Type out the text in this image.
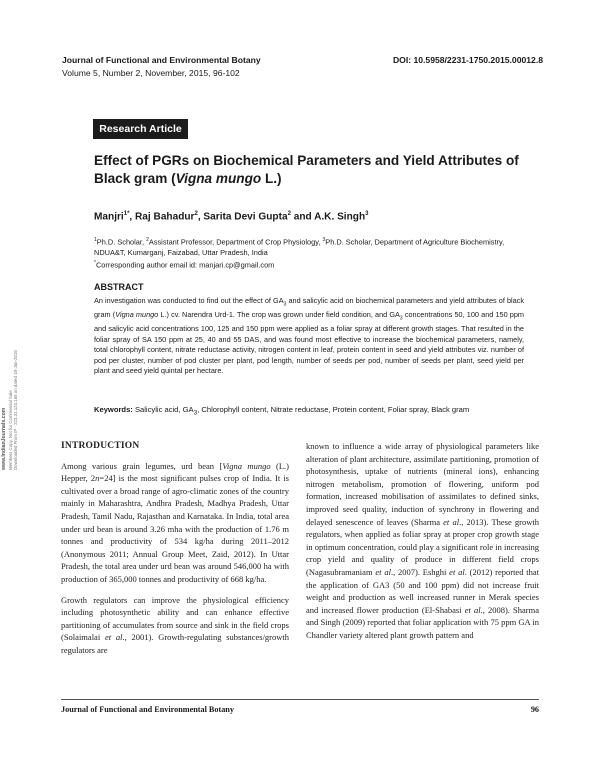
Journal of Functional and Environmental Botany	DOI: 10.5958/2231-1750.2015.00012.8
Volume 5, Number 2, November, 2015, 96-102
Research Article
Effect of PGRs on Biochemical Parameters and Yield Attributes of Black gram (Vigna mungo L.)
Manjri$^{1*}$, Raj Bahadur$^2$, Sarita Devi Gupta$^2$ and A.K. Singh$^3$

$^1$Ph.D. Scholar, $^2$Assistant Professor, Department of Crop Physiology, $^3$Ph.D. Scholar, Department of Agriculture Biochemistry, NDUA&T, Kumarganj, Faizabad, Uttar Pradesh, India

*Corresponding author email id: manjari.cp@gmail.com

ABSTRACT

An investigation was conducted to find out the effect of $GA_3$ and salicylic acid on biochemical parameters and yield attributes of black gram (Vigna mungo L.) cv. Narendra Urd-1. The crop was grown under field condition, and $GA_3$ concentrations 50, 100 and 150 ppm and salicylic acid concentrations 100, 125 and 150 ppm were applied as a foliar spray at different growth stages. That resulted in the foliar spray of SA 150 ppm at 25, 40 and 55 DAS, and was found most effective to increase the biochemical parameters, namely, total chlorophyll content, nitrate reductase activity, nitrogen content in leaf, protein content in seed and yield attributes viz. number of pod per cluster, number of pod cluster per plant, pod length, number of seeds per pod, number of seeds per plant, seed yield per plant and seed yield quintal per hectare.

Keywords: Salicylic acid, $GA_3$, Chlorophyll content, Nitrate reductase, Protein content, Foliar spray, Black gram

www.IndianJournals.com Members Copy, Not for Commercial Sale Downloaded From IP - 223.31.123.165 on dated 18-Jan-2016	INTRODUCTION

Among various grain legumes, urd bean [Vigna mungo (L.) Hepper, 2n=24] is the most significant pulses crop of India. It is cultivated over a broad range of agro-climatic zones of the country mainly in Maharashtra, Andhra Pradesh, Madhya Pradesh, Uttar Pradesh, Tamil Nadu, Rajasthan and Karnataka. In India, total area under urd bean is around 3.26 mha with the production of 1.76 m tonnes and productivity of 534 kg/ha during 2011–2012 (Anonymous 2011; Annual Group Meet, Zaid, 2012). In Uttar Pradesh, the total area under urd bean was around 546,000 ha with production of 365,000 tonnes and productivity of 668 kg/ha.

Growth regulators can improve the physiological efficiency including photosynthetic ability and can enhance effective partitioning of accumulates from source and sink in the field crops (Solaimalai et al., 2001). Growth-regulating substances/growth regulators are

known to influence a wide array of physiological parameters like alteration of plant architecture, assimilate partitioning, promotion of photosynthesis, uptake of nutrients (mineral ions), enhancing nitrogen metabolism, promotion of flowering, uniform pod formation, increased mobilisation of assimilates to defined sinks, improved seed quality, induction of synchrony in flowering and delayed senescence of leaves (Sharma et al., 2013). These growth regulators, when applied as foliar spray at proper crop growth stage in optimum concentration, could play a significant role in increasing crop yield and quality of produce in different field crops (Nagasubramaniam et al., 2007). Eshghi et al. (2012) reported that the application of GA3 (50 and 100 ppm) did not increase fruit weight and production as well increased runner in Merak species and increased flower production (El-Shabasi et al., 2008). Sharma and Singh (2009) reported that foliar application with 75 ppm GA in Chandler variety altered plant growth pattern and

Journal of Functional and Environmental Botany	96
